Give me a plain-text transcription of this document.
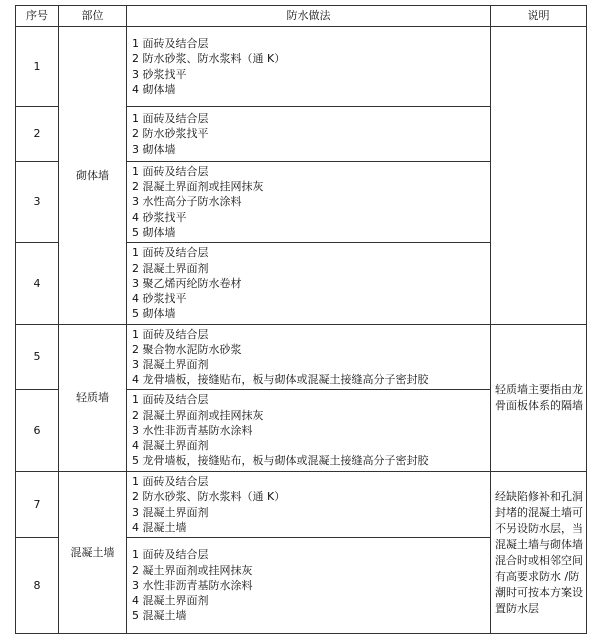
序号	部位	防水做法	说明
1	砌体墙	1 面砖及结合层
2 防水砂浆、防水浆料（通 K）
3 砂浆找平
4 砌体墙	

2		1 面砖及结合层
2 防水砂浆找平
3 砌体墙	

3		1 面砖及结合层
2 混凝土界面剂或挂网抹灰
3 水性高分子防水涂料
4 砂浆找平
5 砌体墙	

4		1 面砖及结合层
2 混凝土界面剂
3 聚乙烯丙纶防水卷材
4 砂浆找平
5 砌体墙	

5	轻质墙	1 面砖及结合层
2 聚合物水泥防水砂浆
3 混凝土界面剂
4 龙骨墙板，接缝贴布，板与砌体或混凝土接缝高分子密封胶	轻质墙主要指由龙骨面板体系的隔墙
6		1 面砖及结合层
2 混凝土界面剂或挂网抹灰
3 水性非沥青基防水涂料
4 混凝土界面剂
5 龙骨墙板，接缝贴布，板与砌体或混凝土接缝高分子密封胶	

7	混凝土墙	1 面砖及结合层
2 防水砂浆、防水浆料（通 K）
3 混凝土界面剂
4 混凝土墙	经缺陷修补和孔洞封堵的混凝土墙可不另设防水层，当混凝土墙与砌体墙混合时或相邻空间有高要求防水 /防潮时可按本方案设置防水层
8		1 面砖及结合层
2 凝土界面剂或挂网抹灰
3 水性非沥青基防水涂料
4 混凝土界面剂
5 混凝土墙	
